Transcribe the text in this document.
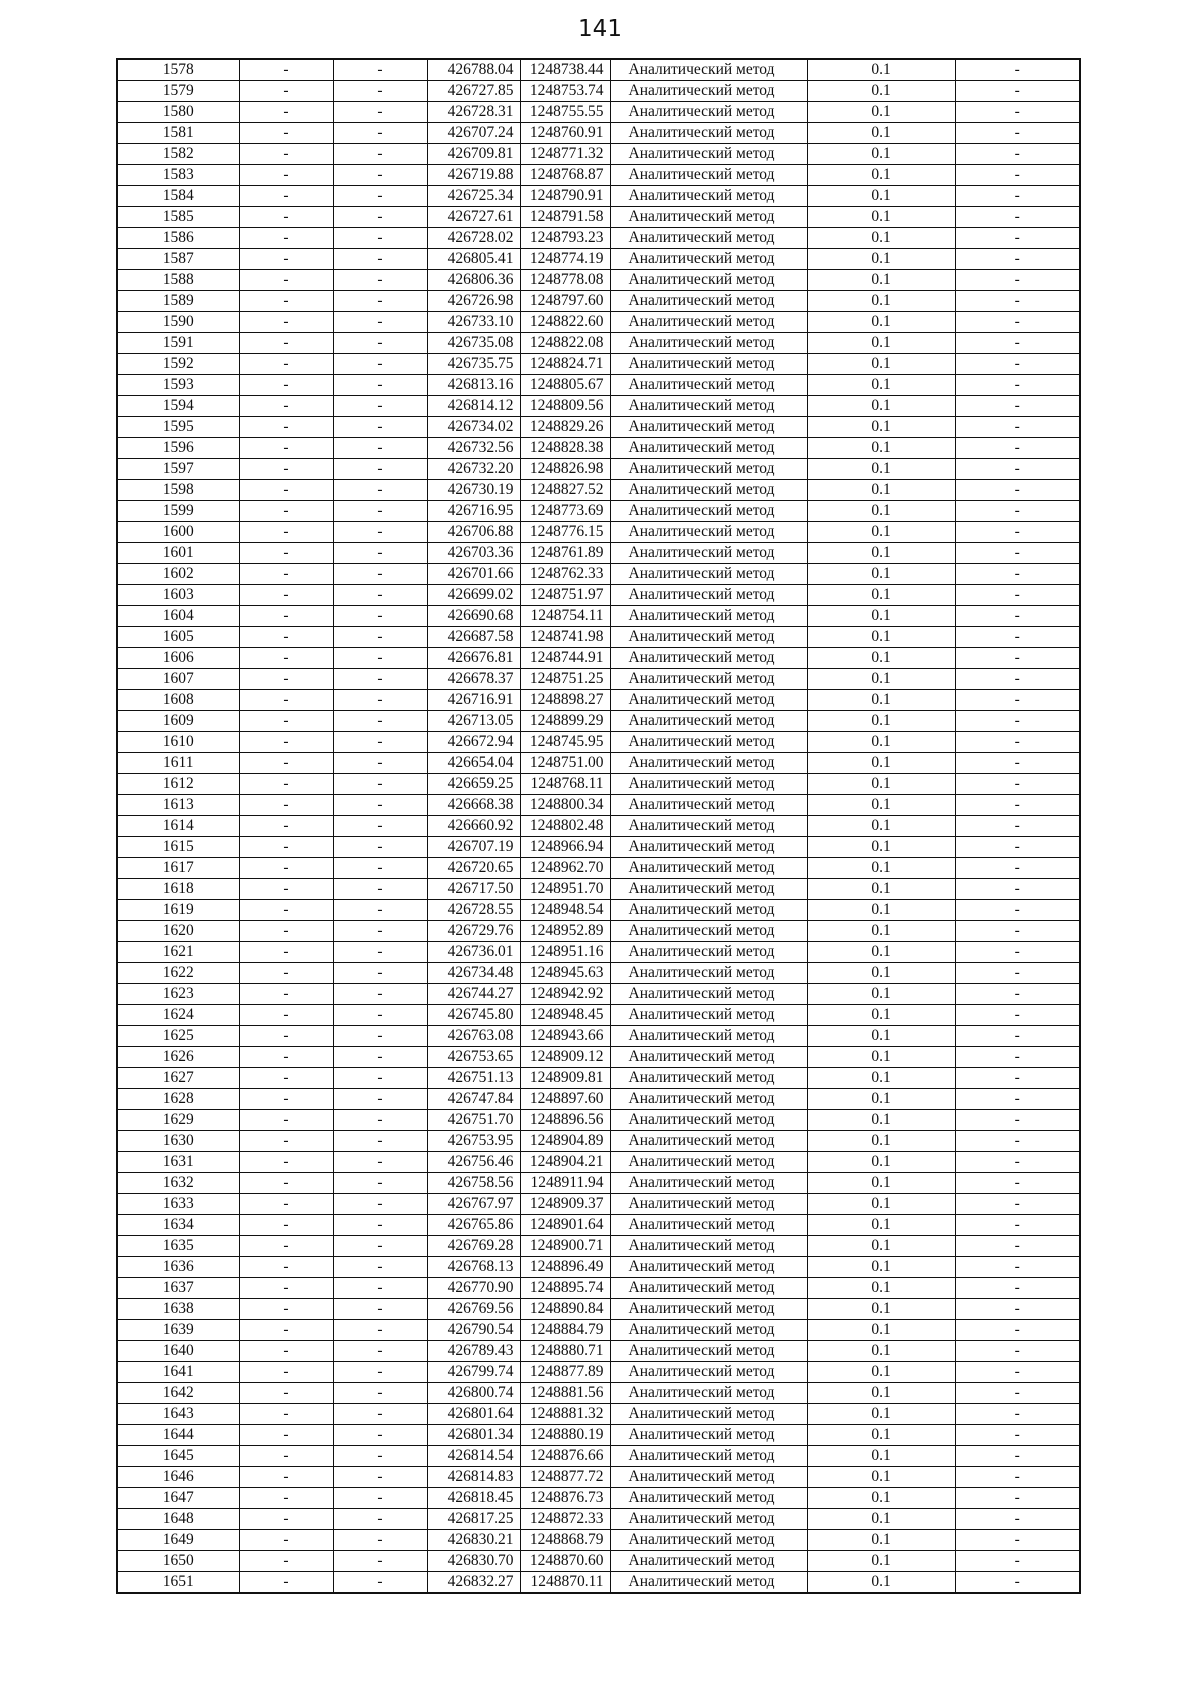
141
1578	-	-	426788.04	1248738.44	Аналитический метод	0.1	-
1579	-	-	426727.85	1248753.74	Аналитический метод	0.1	-
1580	-	-	426728.31	1248755.55	Аналитический метод	0.1	-
1581	-	-	426707.24	1248760.91	Аналитический метод	0.1	-
1582	-	-	426709.81	1248771.32	Аналитический метод	0.1	-
1583	-	-	426719.88	1248768.87	Аналитический метод	0.1	-
1584	-	-	426725.34	1248790.91	Аналитический метод	0.1	-
1585	-	-	426727.61	1248791.58	Аналитический метод	0.1	-
1586	-	-	426728.02	1248793.23	Аналитический метод	0.1	-
1587	-	-	426805.41	1248774.19	Аналитический метод	0.1	-
1588	-	-	426806.36	1248778.08	Аналитический метод	0.1	-
1589	-	-	426726.98	1248797.60	Аналитический метод	0.1	-
1590	-	-	426733.10	1248822.60	Аналитический метод	0.1	-
1591	-	-	426735.08	1248822.08	Аналитический метод	0.1	-
1592	-	-	426735.75	1248824.71	Аналитический метод	0.1	-
1593	-	-	426813.16	1248805.67	Аналитический метод	0.1	-
1594	-	-	426814.12	1248809.56	Аналитический метод	0.1	-
1595	-	-	426734.02	1248829.26	Аналитический метод	0.1	-
1596	-	-	426732.56	1248828.38	Аналитический метод	0.1	-
1597	-	-	426732.20	1248826.98	Аналитический метод	0.1	-
1598	-	-	426730.19	1248827.52	Аналитический метод	0.1	-
1599	-	-	426716.95	1248773.69	Аналитический метод	0.1	-
1600	-	-	426706.88	1248776.15	Аналитический метод	0.1	-
1601	-	-	426703.36	1248761.89	Аналитический метод	0.1	-
1602	-	-	426701.66	1248762.33	Аналитический метод	0.1	-
1603	-	-	426699.02	1248751.97	Аналитический метод	0.1	-
1604	-	-	426690.68	1248754.11	Аналитический метод	0.1	-
1605	-	-	426687.58	1248741.98	Аналитический метод	0.1	-
1606	-	-	426676.81	1248744.91	Аналитический метод	0.1	-
1607	-	-	426678.37	1248751.25	Аналитический метод	0.1	-
1608	-	-	426716.91	1248898.27	Аналитический метод	0.1	-
1609	-	-	426713.05	1248899.29	Аналитический метод	0.1	-
1610	-	-	426672.94	1248745.95	Аналитический метод	0.1	-
1611	-	-	426654.04	1248751.00	Аналитический метод	0.1	-
1612	-	-	426659.25	1248768.11	Аналитический метод	0.1	-
1613	-	-	426668.38	1248800.34	Аналитический метод	0.1	-
1614	-	-	426660.92	1248802.48	Аналитический метод	0.1	-
1615	-	-	426707.19	1248966.94	Аналитический метод	0.1	-
1617	-	-	426720.65	1248962.70	Аналитический метод	0.1	-
1618	-	-	426717.50	1248951.70	Аналитический метод	0.1	-
1619	-	-	426728.55	1248948.54	Аналитический метод	0.1	-
1620	-	-	426729.76	1248952.89	Аналитический метод	0.1	-
1621	-	-	426736.01	1248951.16	Аналитический метод	0.1	-
1622	-	-	426734.48	1248945.63	Аналитический метод	0.1	-
1623	-	-	426744.27	1248942.92	Аналитический метод	0.1	-
1624	-	-	426745.80	1248948.45	Аналитический метод	0.1	-
1625	-	-	426763.08	1248943.66	Аналитический метод	0.1	-
1626	-	-	426753.65	1248909.12	Аналитический метод	0.1	-
1627	-	-	426751.13	1248909.81	Аналитический метод	0.1	-
1628	-	-	426747.84	1248897.60	Аналитический метод	0.1	-
1629	-	-	426751.70	1248896.56	Аналитический метод	0.1	-
1630	-	-	426753.95	1248904.89	Аналитический метод	0.1	-
1631	-	-	426756.46	1248904.21	Аналитический метод	0.1	-
1632	-	-	426758.56	1248911.94	Аналитический метод	0.1	-
1633	-	-	426767.97	1248909.37	Аналитический метод	0.1	-
1634	-	-	426765.86	1248901.64	Аналитический метод	0.1	-
1635	-	-	426769.28	1248900.71	Аналитический метод	0.1	-
1636	-	-	426768.13	1248896.49	Аналитический метод	0.1	-
1637	-	-	426770.90	1248895.74	Аналитический метод	0.1	-
1638	-	-	426769.56	1248890.84	Аналитический метод	0.1	-
1639	-	-	426790.54	1248884.79	Аналитический метод	0.1	-
1640	-	-	426789.43	1248880.71	Аналитический метод	0.1	-
1641	-	-	426799.74	1248877.89	Аналитический метод	0.1	-
1642	-	-	426800.74	1248881.56	Аналитический метод	0.1	-
1643	-	-	426801.64	1248881.32	Аналитический метод	0.1	-
1644	-	-	426801.34	1248880.19	Аналитический метод	0.1	-
1645	-	-	426814.54	1248876.66	Аналитический метод	0.1	-
1646	-	-	426814.83	1248877.72	Аналитический метод	0.1	-
1647	-	-	426818.45	1248876.73	Аналитический метод	0.1	-
1648	-	-	426817.25	1248872.33	Аналитический метод	0.1	-
1649	-	-	426830.21	1248868.79	Аналитический метод	0.1	-
1650	-	-	426830.70	1248870.60	Аналитический метод	0.1	-
1651	-	-	426832.27	1248870.11	Аналитический метод	0.1	-
